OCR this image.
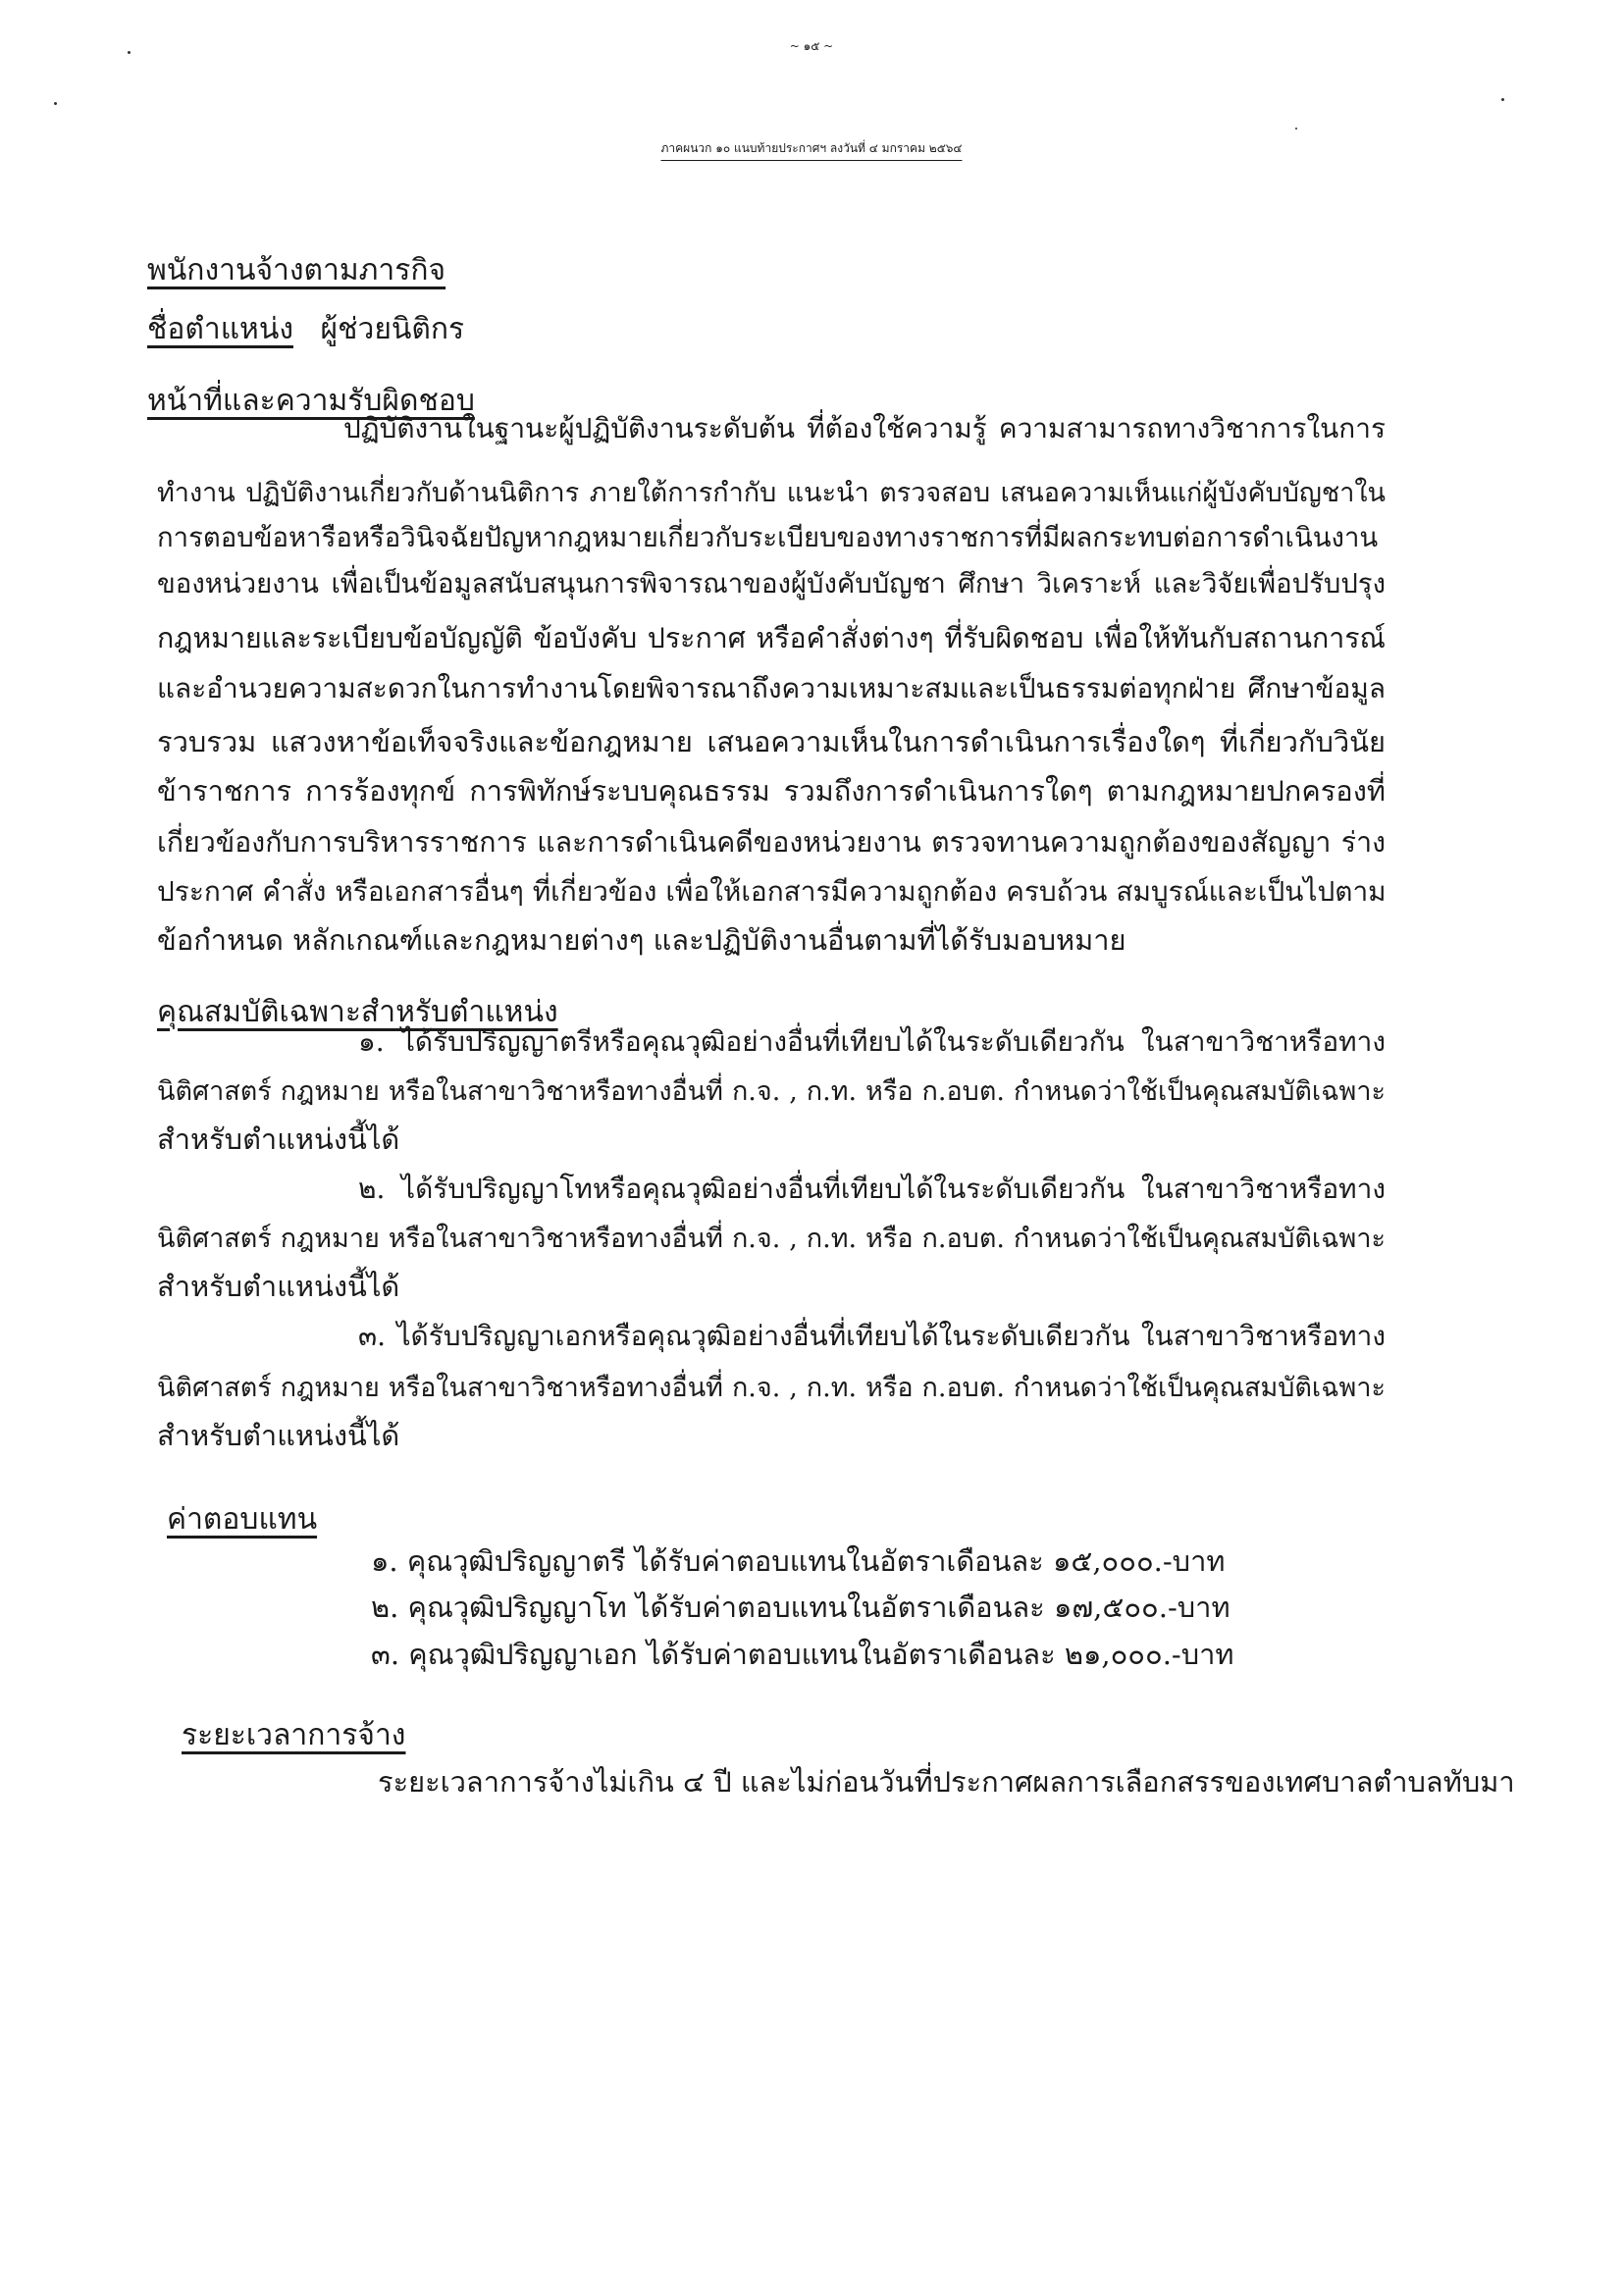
~ ๑๕ ~
ภาคผนวก ๑๐ แนบท้ายประกาศฯ ลงวันที่ ๔ มกราคม ๒๕๖๔
พนักงานจ้างตามภารกิจ
ชื่อตำแหน่ง ผู้ช่วยนิติกร
หน้าที่และความรับผิดชอบ
ปฏิบัติงานในฐานะผู้ปฏิบัติงานระดับต้น ที่ต้องใช้ความรู้ ความสามารถทางวิชาการในการ
ทำงาน ปฏิบัติงานเกี่ยวกับด้านนิติการ ภายใต้การกำกับ แนะนำ ตรวจสอบ เสนอความเห็นแก่ผู้บังคับบัญชาใน
การตอบข้อหารือหรือวินิจฉัยปัญหากฎหมายเกี่ยวกับระเบียบของทางราชการที่มีผลกระทบต่อการดำเนินงาน
ของหน่วยงาน เพื่อเป็นข้อมูลสนับสนุนการพิจารณาของผู้บังคับบัญชา ศึกษา วิเคราะห์ และวิจัยเพื่อปรับปรุง
กฎหมายและระเบียบข้อบัญญัติ ข้อบังคับ ประกาศ หรือคำสั่งต่างๆ ที่รับผิดชอบ เพื่อให้ทันกับสถานการณ์
และอำนวยความสะดวกในการทำงานโดยพิจารณาถึงความเหมาะสมและเป็นธรรมต่อทุกฝ่าย ศึกษาข้อมูล
รวบรวม แสวงหาข้อเท็จจริงและข้อกฎหมาย เสนอความเห็นในการดำเนินการเรื่องใดๆ ที่เกี่ยวกับวินัย
ข้าราชการ การร้องทุกข์ การพิทักษ์ระบบคุณธรรม รวมถึงการดำเนินการใดๆ ตามกฎหมายปกครองที่
เกี่ยวข้องกับการบริหารราชการ และการดำเนินคดีของหน่วยงาน ตรวจทานความถูกต้องของสัญญา ร่าง
ประกาศ คำสั่ง หรือเอกสารอื่นๆ ที่เกี่ยวข้อง เพื่อให้เอกสารมีความถูกต้อง ครบถ้วน สมบูรณ์และเป็นไปตาม
ข้อกำหนด หลักเกณฑ์และกฎหมายต่างๆ และปฏิบัติงานอื่นตามที่ได้รับมอบหมาย
คุณสมบัติเฉพาะสำหรับตำแหน่ง
๑. ได้รับปริญญาตรีหรือคุณวุฒิอย่างอื่นที่เทียบได้ในระดับเดียวกัน ในสาขาวิชาหรือทาง
นิติศาสตร์ กฎหมาย หรือในสาขาวิชาหรือทางอื่นที่ ก.จ. , ก.ท. หรือ ก.อบต. กำหนดว่าใช้เป็นคุณสมบัติเฉพาะ
สำหรับตำแหน่งนี้ได้
๒. ได้รับปริญญาโทหรือคุณวุฒิอย่างอื่นที่เทียบได้ในระดับเดียวกัน ในสาขาวิชาหรือทาง
นิติศาสตร์ กฎหมาย หรือในสาขาวิชาหรือทางอื่นที่ ก.จ. , ก.ท. หรือ ก.อบต. กำหนดว่าใช้เป็นคุณสมบัติเฉพาะ
สำหรับตำแหน่งนี้ได้
๓. ได้รับปริญญาเอกหรือคุณวุฒิอย่างอื่นที่เทียบได้ในระดับเดียวกัน ในสาขาวิชาหรือทาง
นิติศาสตร์ กฎหมาย หรือในสาขาวิชาหรือทางอื่นที่ ก.จ. , ก.ท. หรือ ก.อบต. กำหนดว่าใช้เป็นคุณสมบัติเฉพาะ
สำหรับตำแหน่งนี้ได้
ค่าตอบแทน
๑. คุณวุฒิปริญญาตรี ได้รับค่าตอบแทนในอัตราเดือนละ ๑๕,๐๐๐.-บาท
๒. คุณวุฒิปริญญาโท ได้รับค่าตอบแทนในอัตราเดือนละ ๑๗,๕๐๐.-บาท
๓. คุณวุฒิปริญญาเอก ได้รับค่าตอบแทนในอัตราเดือนละ ๒๑,๐๐๐.-บาท
ระยะเวลาการจ้าง
ระยะเวลาการจ้างไม่เกิน ๔ ปี และไม่ก่อนวันที่ประกาศผลการเลือกสรรของเทศบาลตำบลทับมา
